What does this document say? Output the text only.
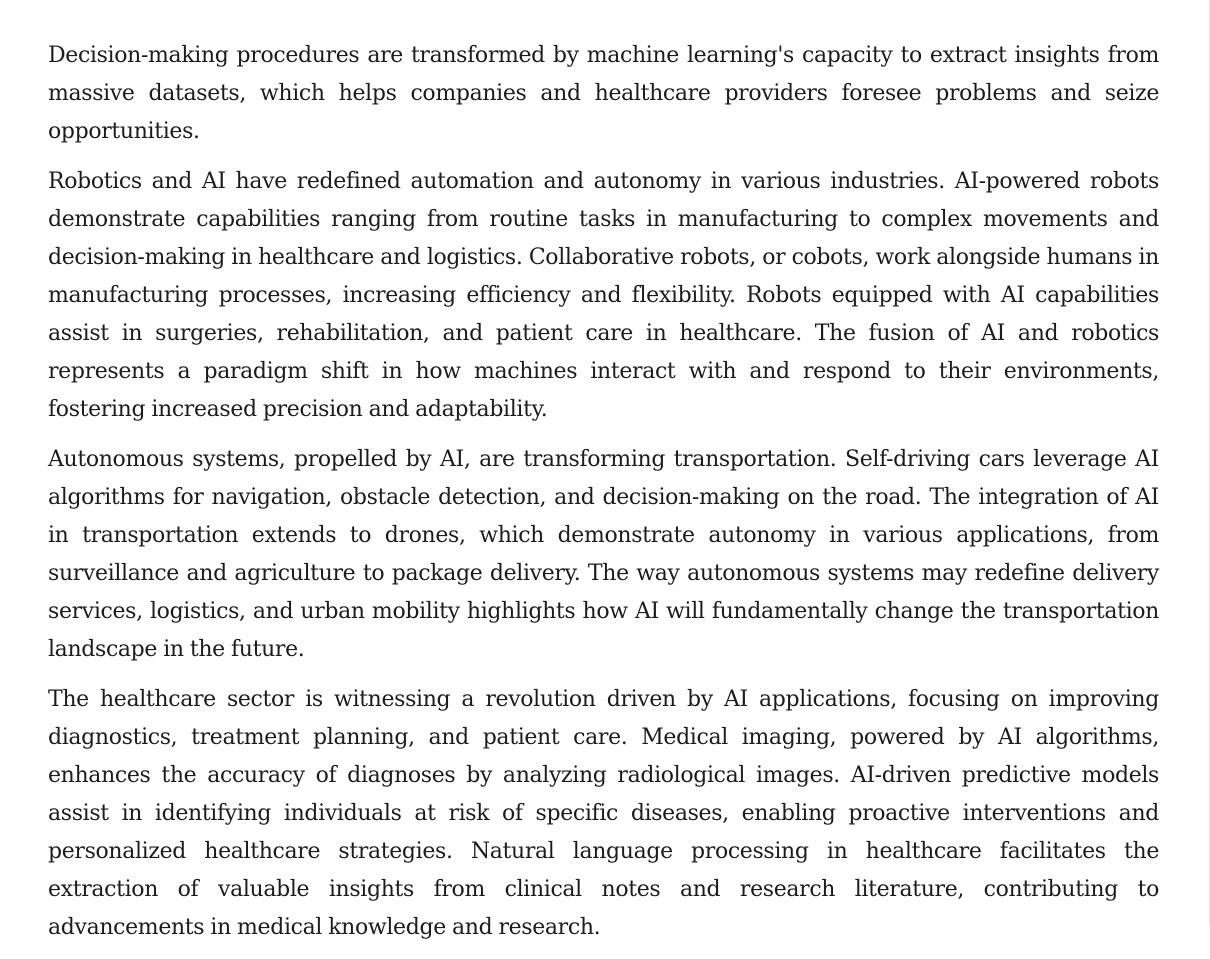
Decision-making procedures are transformed by machine learning's capacity to extract insights from massive datasets, which helps companies and healthcare providers foresee problems and seize opportunities.

Robotics and AI have redefined automation and autonomy in various industries. AI-powered robots demonstrate capabilities ranging from routine tasks in manufacturing to complex movements and decision-making in healthcare and logistics. Collaborative robots, or cobots, work alongside humans in manufacturing processes, increasing efficiency and flexibility. Robots equipped with AI capabilities assist in surgeries, rehabilitation, and patient care in healthcare. The fusion of AI and robotics represents a paradigm shift in how machines interact with and respond to their environments, fostering increased precision and adaptability.

Autonomous systems, propelled by AI, are transforming transportation. Self-driving cars leverage AI algorithms for navigation, obstacle detection, and decision-making on the road. The integration of AI in transportation extends to drones, which demonstrate autonomy in various applications, from surveillance and agriculture to package delivery. The way autonomous systems may redefine delivery services, logistics, and urban mobility highlights how AI will fundamentally change the transportation landscape in the future.

The healthcare sector is witnessing a revolution driven by AI applications, focusing on improving diagnostics, treatment planning, and patient care. Medical imaging, powered by AI algorithms, enhances the accuracy of diagnoses by analyzing radiological images. AI-driven predictive models assist in identifying individuals at risk of specific diseases, enabling proactive interventions and personalized healthcare strategies. Natural language processing in healthcare facilitates the extraction of valuable insights from clinical notes and research literature, contributing to advancements in medical knowledge and research.
